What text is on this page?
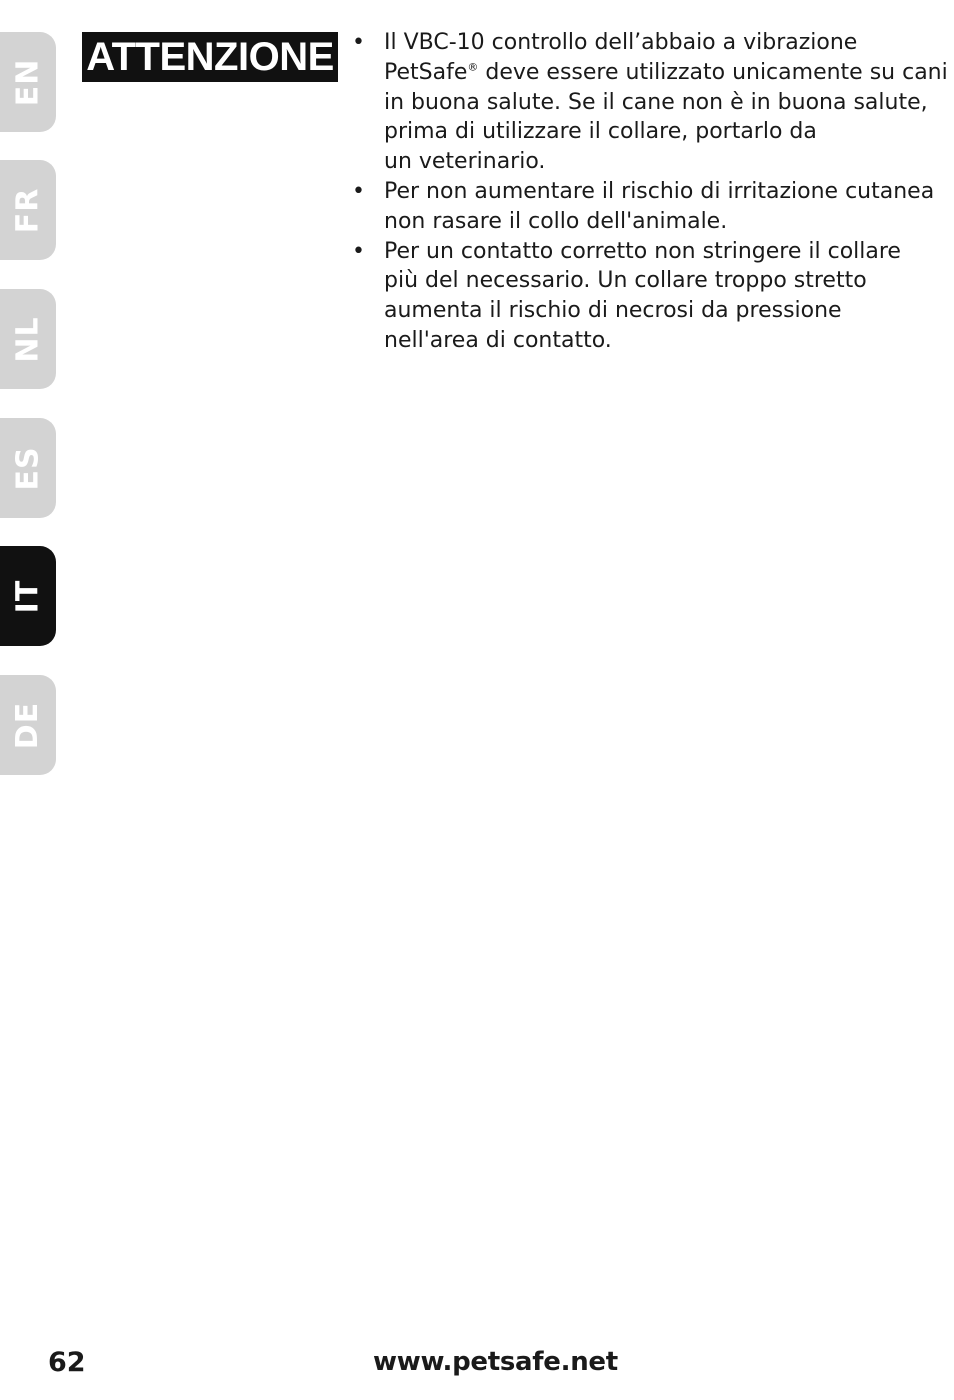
EN
FR
NL
ES
IT
DE
ATTENZIONE • Il VBC-10 controllo dell’abbaio a vibrazione
PetSafe® deve essere utilizzato unicamente su cani
in buona salute. Se il cane non è in buona salute,
prima di utilizzare il collare, portarlo da
un veterinario.
• Per non aumentare il rischio di irritazione cutanea
non rasare il collo dell'animale.
• Per un contatto corretto non stringere il collare
più del necessario. Un collare troppo stretto
aumenta il rischio di necrosi da pressione
nell'area di contatto.
62	www.petsafe.net
